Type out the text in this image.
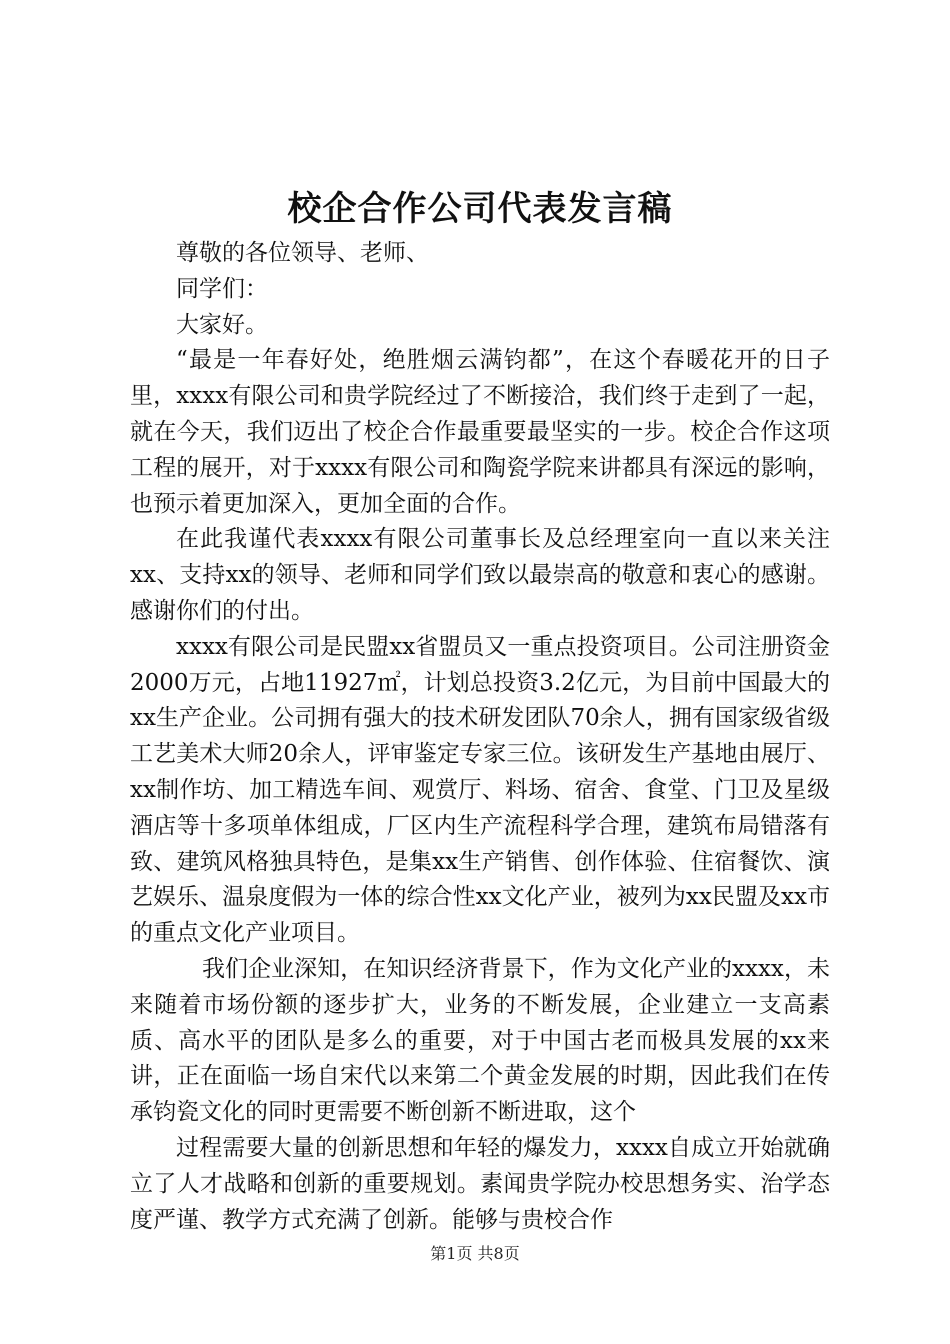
校企合作公司代表发言稿

尊敬的各位领导、老师、

同学们：

大家好。

“最是一年春好处，绝胜烟云满钧都”，在这个春暖花开的日子里，xxxx有限公司和贵学院经过了不断接洽，我们终于走到了一起，就在今天，我们迈出了校企合作最重要最坚实的一步。校企合作这项工程的展开，对于xxxx有限公司和陶瓷学院来讲都具有深远的影响，也预示着更加深入，更加全面的合作。

在此我谨代表xxxx有限公司董事长及总经理室向一直以来关注xx、支持xx的领导、老师和同学们致以最崇高的敬意和衷心的感谢。感谢你们的付出。

xxxx有限公司是民盟xx省盟员又一重点投资项目。公司注册资金2000万元，占地11927㎡，计划总投资3.2亿元，为目前中国最大的xx生产企业。公司拥有强大的技术研发团队70余人，拥有国家级省级工艺美术大师20余人，评审鉴定专家三位。该研发生产基地由展厅、xx制作坊、加工精选车间、观赏厅、料场、宿舍、食堂、门卫及星级酒店等十多项单体组成，厂区内生产流程科学合理，建筑布局错落有致、建筑风格独具特色，是集xx生产销售、创作体验、住宿餐饮、演艺娱乐、温泉度假为一体的综合性xx文化产业，被列为xx民盟及xx市的重点文化产业项目。

我们企业深知，在知识经济背景下，作为文化产业的xxxx，未来随着市场份额的逐步扩大，业务的不断发展，企业建立一支高素质、高水平的团队是多么的重要，对于中国古老而极具发展的xx来讲，正在面临一场自宋代以来第二个黄金发展的时期，因此我们在传承钧瓷文化的同时更需要不断创新不断进取，这个

过程需要大量的创新思想和年轻的爆发力，xxxx自成立开始就确立了人才战略和创新的重要规划。素闻贵学院办校思想务实、治学态度严谨、教学方式充满了创新。能够与贵校合作

第1页 共8页
